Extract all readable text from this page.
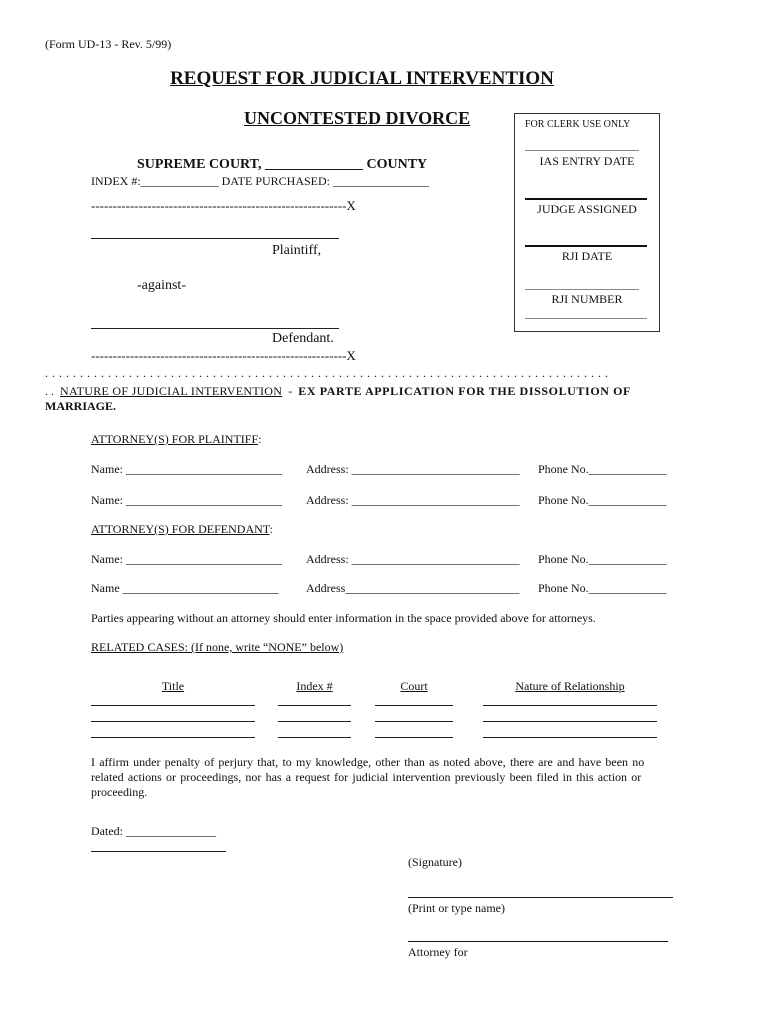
(Form UD-13 - Rev. 5/99)
REQUEST FOR JUDICIAL INTERVENTION
UNCONTESTED DIVORCE	FOR CLERK USE ONLY
IAS ENTRY DATE
JUDGE ASSIGNED
RJI DATE
RJI NUMBER
SUPREME COURT, ______________ COUNTY
INDEX #:_____________ DATE PURCHASED: ________________
-----------------------------------------------------------X
Plaintiff,
-against-
Defendant.
-----------------------------------------------------------X
. . . . . . . . . . . . . . . . . . . . . . . . . . . . . . . . . . . . . . . . . . . . . . . . . . . . . . . . . . . . . . . . . . . . . . . . . . . . . . . . .
. . NATURE OF JUDICIAL INTERVENTION - EX PARTE APPLICATION FOR THE DISSOLUTION OF
MARRIAGE.
ATTORNEY(S) FOR PLAINTIFF:
Name: __________________________ Address: ____________________________ Phone No._____________
Name: __________________________ Address: ____________________________ Phone No._____________
ATTORNEY(S) FOR DEFENDANT:
Name: __________________________ Address: ____________________________ Phone No._____________
Name __________________________ Address_____________________________ Phone No._____________
Parties appearing without an attorney should enter information in the space provided above for attorneys.
RELATED CASES: (If none, write “NONE” below)
Title	Index #	Court	Nature of Relationship
I affirm under penalty of perjury that, to my knowledge, other than as noted above, there are and have been no
related actions or proceedings, nor has a request for judicial intervention previously been filed in this action or
proceeding.
Dated: _______________
(Signature)
(Print or type name)
Attorney for
